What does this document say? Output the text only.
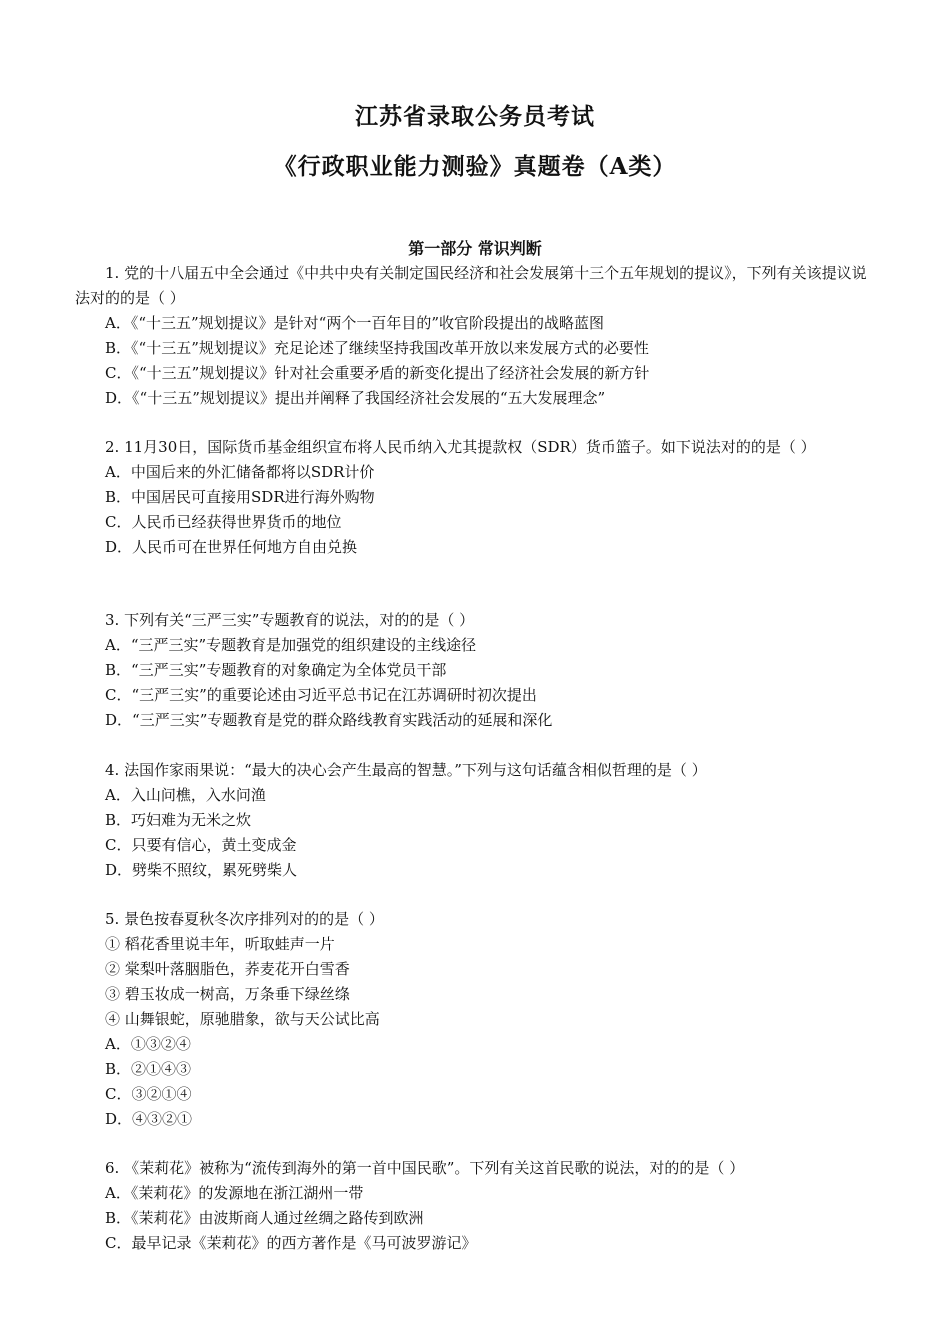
江苏省录取公务员考试
《行政职业能力测验》真题卷（A类）
第一部分 常识判断
1. 党的十八届五中全会通过《中共中央有关制定国民经济和社会发展第十三个五年规划的提议》，下列有关该提议说法对的的是（ ）
A．《“十三五”规划提议》是针对“两个一百年目的”收官阶段提出的战略蓝图
B．《“十三五”规划提议》充足论述了继续坚持我国改革开放以来发展方式的必要性
C．《“十三五”规划提议》针对社会重要矛盾的新变化提出了经济社会发展的新方针
D．《“十三五”规划提议》提出并阐释了我国经济社会发展的“五大发展理念”
2. 11月30日，国际货币基金组织宣布将人民币纳入尤其提款权（SDR）货币篮子。如下说法对的的是（ ）
A．中国后来的外汇储备都将以SDR计价
B．中国居民可直接用SDR进行海外购物
C．人民币已经获得世界货币的地位
D．人民币可在世界任何地方自由兑换
3. 下列有关“三严三实”专题教育的说法，对的的是（ ）
A．“三严三实”专题教育是加强党的组织建设的主线途径
B．“三严三实”专题教育的对象确定为全体党员干部
C．“三严三实”的重要论述由习近平总书记在江苏调研时初次提出
D．“三严三实”专题教育是党的群众路线教育实践活动的延展和深化
4. 法国作家雨果说：“最大的决心会产生最高的智慧。”下列与这句话蕴含相似哲理的是（ ）
A．入山问樵，入水问渔
B．巧妇难为无米之炊
C．只要有信心，黄土变成金
D．劈柴不照纹，累死劈柴人
5. 景色按春夏秋冬次序排列对的的是（ ）
① 稻花香里说丰年，听取蛙声一片
② 棠梨叶落胭脂色，荞麦花开白雪香
③ 碧玉妆成一树高，万条垂下绿丝绦
④ 山舞银蛇，原驰腊象，欲与天公试比高
A．①③②④
B．②①④③
C．③②①④
D．④③②①
6. 《茉莉花》被称为“流传到海外的第一首中国民歌”。下列有关这首民歌的说法，对的的是（ ）
A．《茉莉花》的发源地在浙江湖州一带
B．《茉莉花》由波斯商人通过丝绸之路传到欧洲
C．最早记录《茉莉花》的西方著作是《马可波罗游记》
